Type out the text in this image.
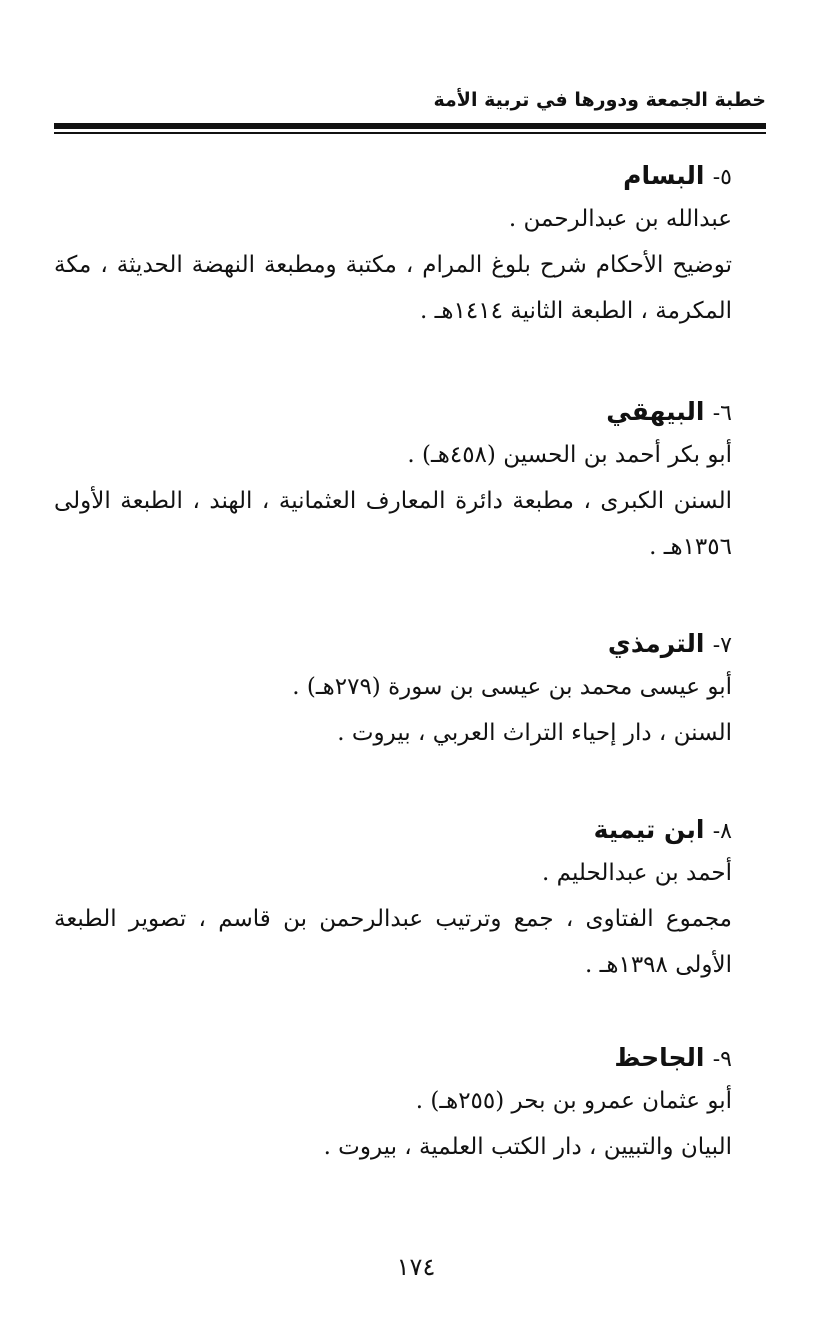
خطبة الجمعة ودورها في تربية الأمة
٥- البسام
عبدالله بن عبدالرحمن .
توضيح الأحكام شرح بلوغ المرام ، مكتبة ومطبعة النهضة الحديثة ، مكة المكرمة ، الطبعة الثانية ١٤١٤هـ .
٦- البيهقي
أبو بكر أحمد بن الحسين (٤٥٨هـ) .
السنن الكبرى ، مطبعة دائرة المعارف العثمانية ، الهند ، الطبعة الأولى ١٣٥٦هـ .
٧- الترمذي
أبو عيسى محمد بن عيسى بن سورة (٢٧٩هـ) .
السنن ، دار إحياء التراث العربي ، بيروت .
٨- ابن تيمية
أحمد بن عبدالحليم .
مجموع الفتاوى ، جمع وترتيب عبدالرحمن بن قاسم ، تصوير الطبعة الأولى ١٣٩٨هـ .
٩- الجاحظ
أبو عثمان عمرو بن بحر (٢٥٥هـ) .
البيان والتبيين ، دار الكتب العلمية ، بيروت .
١٧٤
